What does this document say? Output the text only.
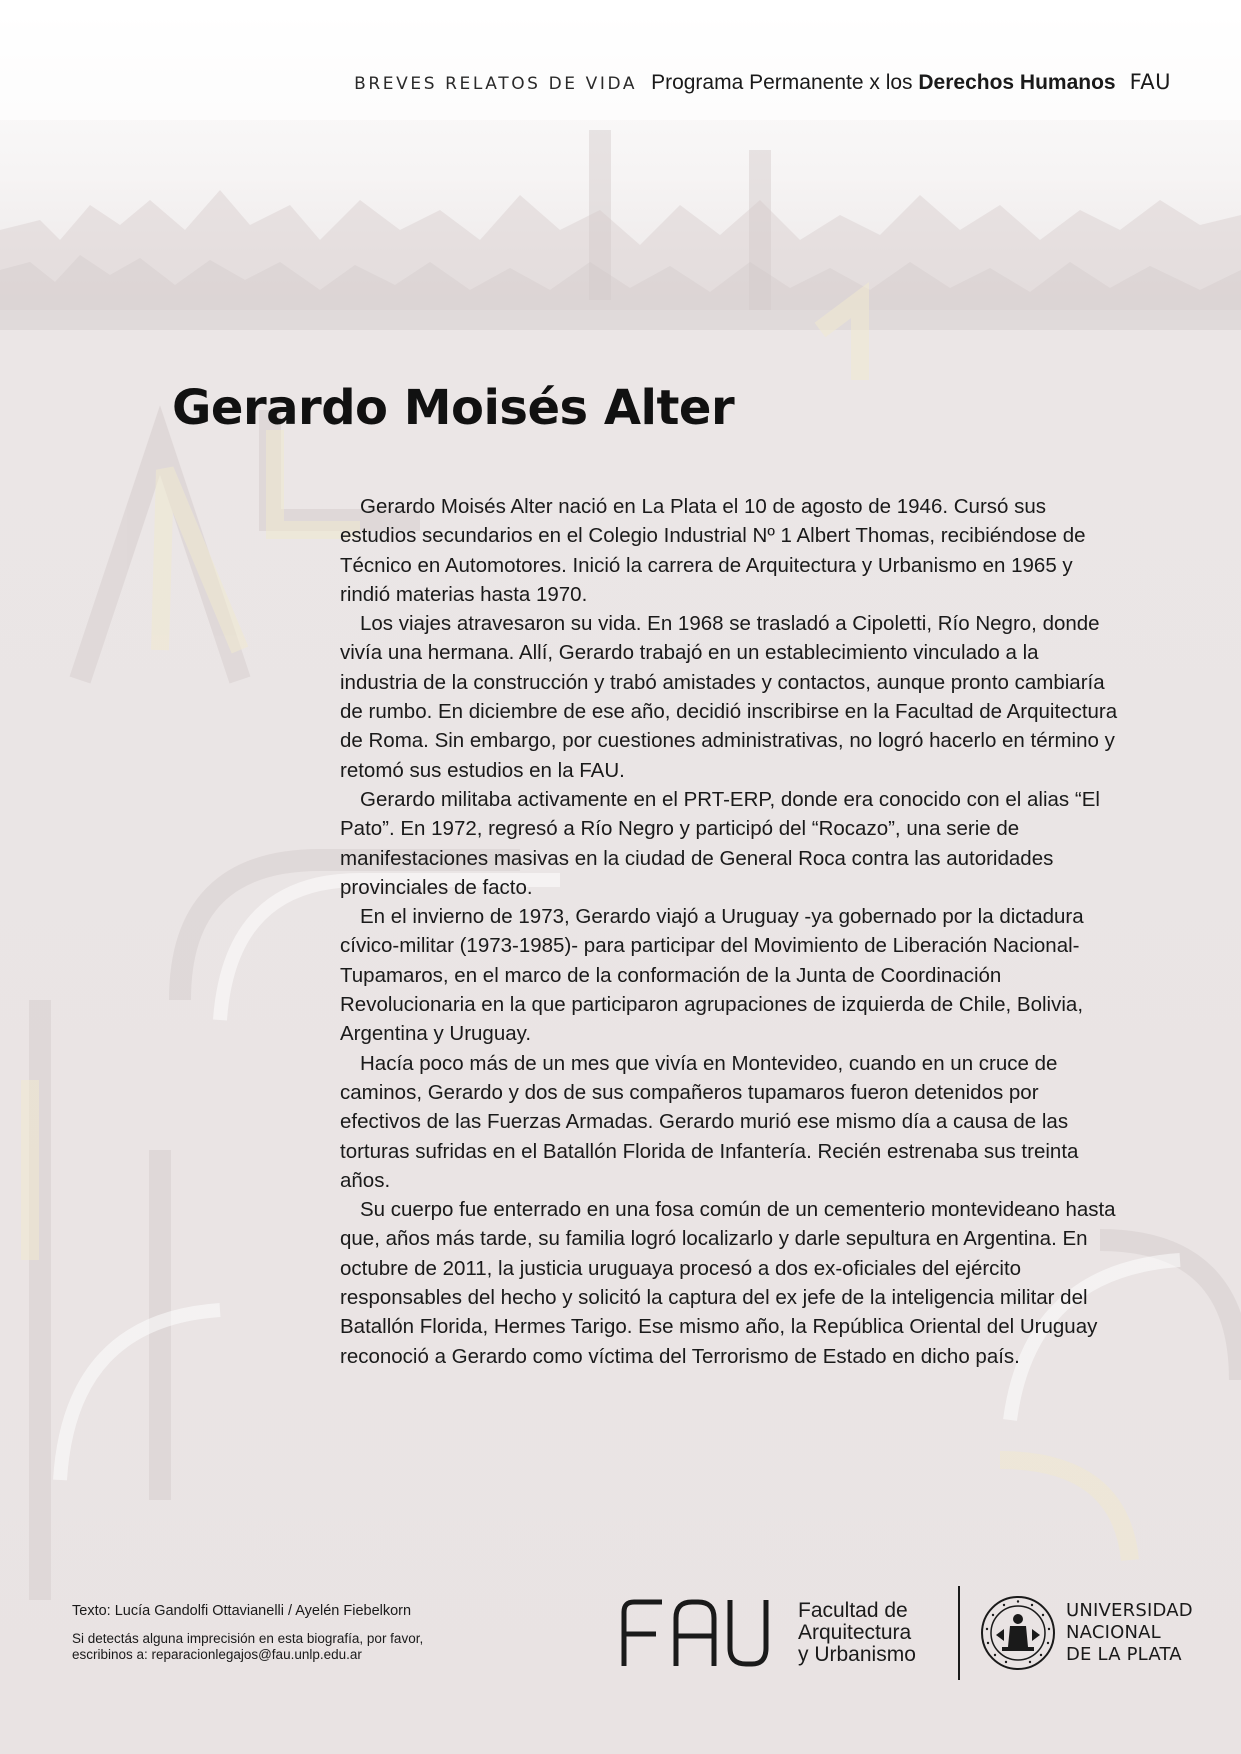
BREVES RELATOS DE VIDA Programa Permanente x los Derechos Humanos FAU
Gerardo Moisés Alter

Gerardo Moisés Alter nació en La Plata el 10 de agosto de 1946. Cursó sus estudios secundarios en el Colegio Industrial Nº 1 Albert Thomas, recibiéndose de Técnico en Automotores. Inició la carrera de Arquitectura y Urbanismo en 1965 y rindió materias hasta 1970.

Los viajes atravesaron su vida. En 1968 se trasladó a Cipoletti, Río Negro, donde vivía una hermana. Allí, Gerardo trabajó en un establecimiento vinculado a la industria de la construcción y trabó amistades y contactos, aunque pronto cambiaría de rumbo. En diciembre de ese año, decidió inscribirse en la Facultad de Arquitectura de Roma. Sin embargo, por cuestiones administrativas, no logró hacerlo en término y retomó sus estudios en la FAU.

Gerardo militaba activamente en el PRT-ERP, donde era conocido con el alias “El Pato”. En 1972, regresó a Río Negro y participó del “Rocazo”, una serie de manifestaciones masivas en la ciudad de General Roca contra las autoridades provinciales de facto.

En el invierno de 1973, Gerardo viajó a Uruguay -ya gobernado por la dictadura cívico-militar (1973-1985)- para participar del Movimiento de Liberación Nacional-Tupamaros, en el marco de la conformación de la Junta de Coordinación Revolucionaria en la que participaron agrupaciones de izquierda de Chile, Bolivia, Argentina y Uruguay.

Hacía poco más de un mes que vivía en Montevideo, cuando en un cruce de caminos, Gerardo y dos de sus compañeros tupamaros fueron detenidos por efectivos de las Fuerzas Armadas. Gerardo murió ese mismo día a causa de las torturas sufridas en el Batallón Florida de Infantería. Recién estrenaba sus treinta años.

Su cuerpo fue enterrado en una fosa común de un cementerio montevideano hasta que, años más tarde, su familia logró localizarlo y darle sepultura en Argentina. En octubre de 2011, la justicia uruguaya procesó a dos ex-oficiales del ejército responsables del hecho y solicitó la captura del ex jefe de la inteligencia militar del Batallón Florida, Hermes Tarigo. Ese mismo año, la República Oriental del Uruguay reconoció a Gerardo como víctima del Terrorismo de Estado en dicho país.

Texto: Lucía Gandolfi Ottavianelli / Ayelén Fiebelkorn
Si detectás alguna imprecisión en esta biografía, por favor, escribinos a: reparacionlegajos@fau.unlp.edu.ar
Facultad de
Arquitectura
y Urbanismo
UNIVERSIDAD
NACIONAL
DE LA PLATA
